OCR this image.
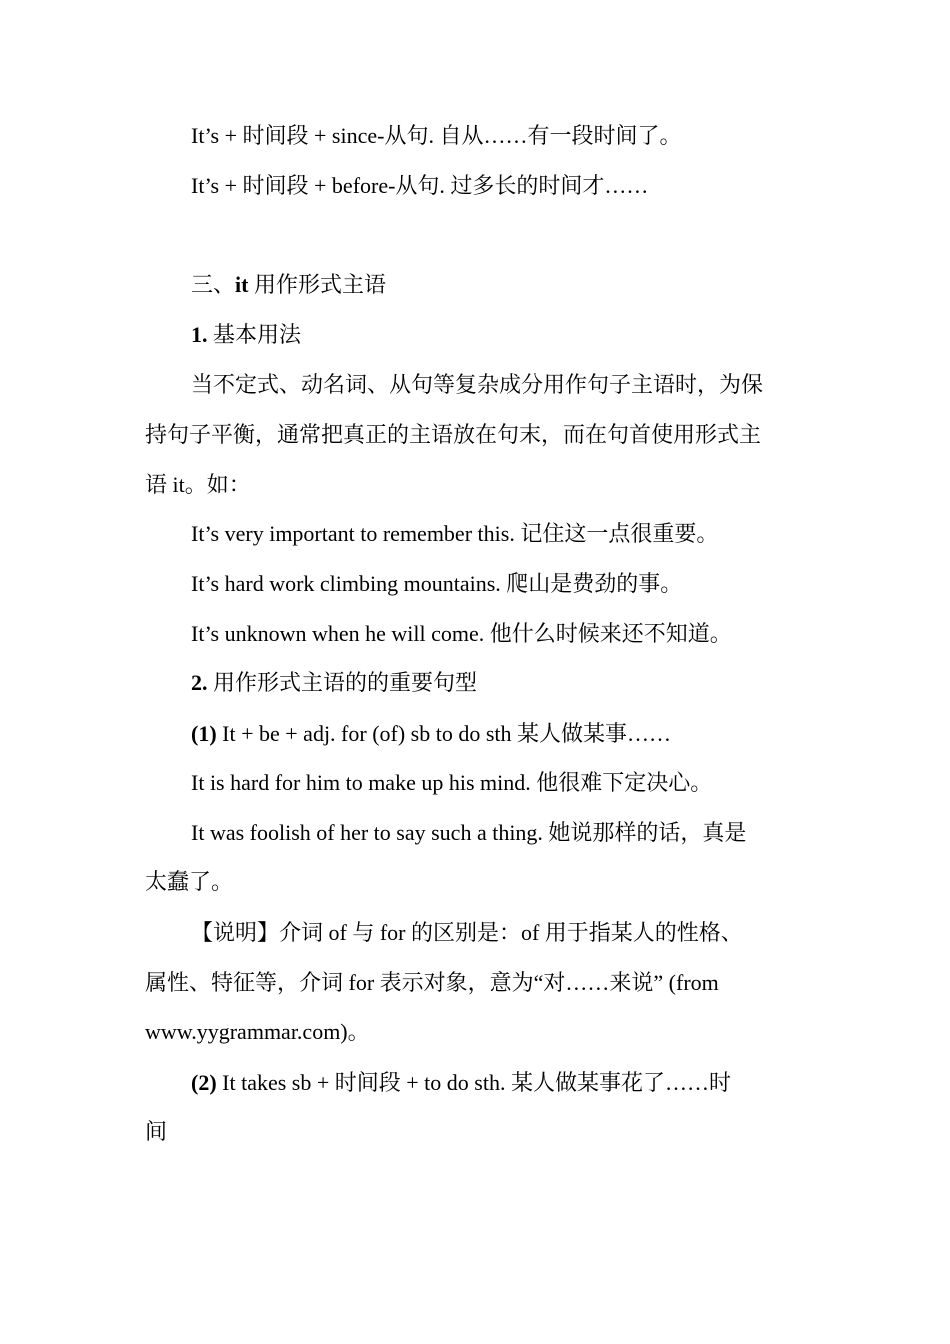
It’s + 时间段 + since-从句. 自从……有一段时间了。
It’s + 时间段 + before-从句. 过多长的时间才……
三、it 用作形式主语
1. 基本用法
当不定式、动名词、从句等复杂成分用作句子主语时，为保
持句子平衡，通常把真正的主语放在句末，而在句首使用形式主
语 it。如：
It’s very important to remember this. 记住这一点很重要。
It’s hard work climbing mountains. 爬山是费劲的事。
It’s unknown when he will come. 他什么时候来还不知道。
2. 用作形式主语的的重要句型
(1) It + be + adj. for (of) sb to do sth 某人做某事……
It is hard for him to make up his mind. 他很难下定决心。
It was foolish of her to say such a thing. 她说那样的话，真是
太蠢了。
【说明】介词 of 与 for 的区别是：of 用于指某人的性格、
属性、特征等，介词 for 表示对象，意为“对……来说” (from
www.yygrammar.com)。
(2) It takes sb + 时间段 + to do sth. 某人做某事花了……时
间
